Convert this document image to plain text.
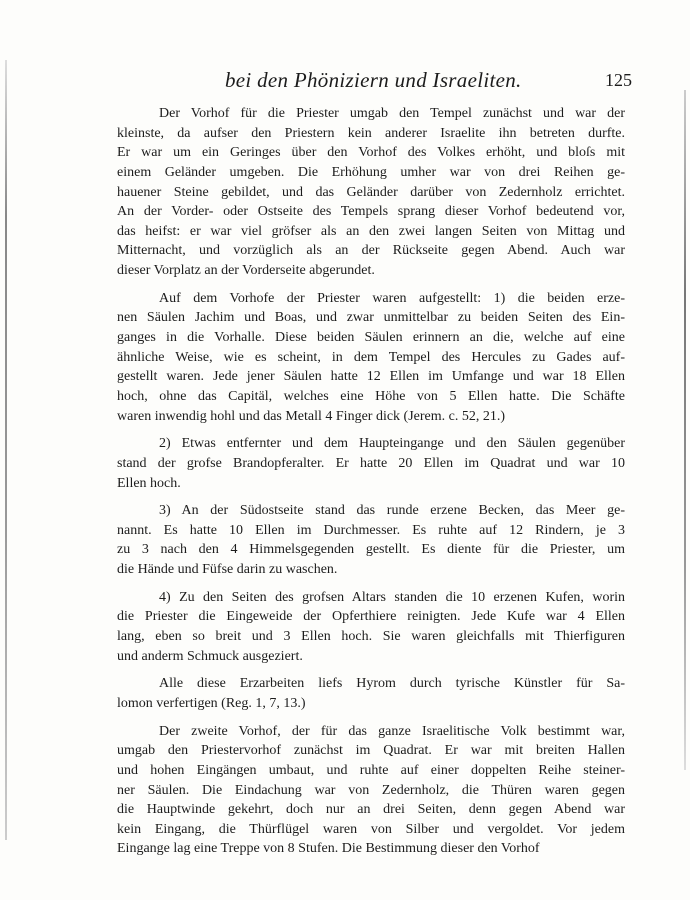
bei den Phöniziern und Israeliten.	125
Der Vorhof für die Priester umgab den Tempel zunächst und war der
kleinste, da aufser den Priestern kein anderer Israelite ihn betreten durfte.
Er war um ein Geringes über den Vorhof des Volkes erhöht, und bloſs mit
einem Geländer umgeben. Die Erhöhung umher war von drei Reihen ge-
hauener Steine gebildet, und das Geländer darüber von Zedernholz errichtet.
An der Vorder- oder Ostseite des Tempels sprang dieser Vorhof bedeutend vor,
das heifst: er war viel gröfser als an den zwei langen Seiten von Mittag und
Mitternacht, und vorzüglich als an der Rückseite gegen Abend. Auch war
dieser Vorplatz an der Vorderseite abgerundet.
Auf dem Vorhofe der Priester waren aufgestellt: 1) die beiden erze-
nen Säulen Jachim und Boas, und zwar unmittelbar zu beiden Seiten des Ein-
ganges in die Vorhalle. Diese beiden Säulen erinnern an die, welche auf eine
ähnliche Weise, wie es scheint, in dem Tempel des Hercules zu Gades auf-
gestellt waren. Jede jener Säulen hatte 12 Ellen im Umfange und war 18 Ellen
hoch, ohne das Capitäl, welches eine Höhe von 5 Ellen hatte. Die Schäfte
waren inwendig hohl und das Metall 4 Finger dick (Jerem. c. 52, 21.)
2) Etwas entfernter und dem Haupteingange und den Säulen gegenüber
stand der grofse Brandopferalter. Er hatte 20 Ellen im Quadrat und war 10
Ellen hoch.
3) An der Südostseite stand das runde erzene Becken, das Meer ge-
nannt. Es hatte 10 Ellen im Durchmesser. Es ruhte auf 12 Rindern, je 3
zu 3 nach den 4 Himmelsgegenden gestellt. Es diente für die Priester, um
die Hände und Füfse darin zu waschen.
4) Zu den Seiten des grofsen Altars standen die 10 erzenen Kufen, worin
die Priester die Eingeweide der Opferthiere reinigten. Jede Kufe war 4 Ellen
lang, eben so breit und 3 Ellen hoch. Sie waren gleichfalls mit Thierfiguren
und anderm Schmuck ausgeziert.
Alle diese Erzarbeiten liefs Hyrom durch tyrische Künstler für Sa-
lomon verfertigen (Reg. 1, 7, 13.)
Der zweite Vorhof, der für das ganze Israelitische Volk bestimmt war,
umgab den Priestervorhof zunächst im Quadrat. Er war mit breiten Hallen
und hohen Eingängen umbaut, und ruhte auf einer doppelten Reihe steiner-
ner Säulen. Die Eindachung war von Zedernholz, die Thüren waren gegen
die Hauptwinde gekehrt, doch nur an drei Seiten, denn gegen Abend war
kein Eingang, die Thürflügel waren von Silber und vergoldet. Vor jedem
Eingange lag eine Treppe von 8 Stufen. Die Bestimmung dieser den Vorhof
